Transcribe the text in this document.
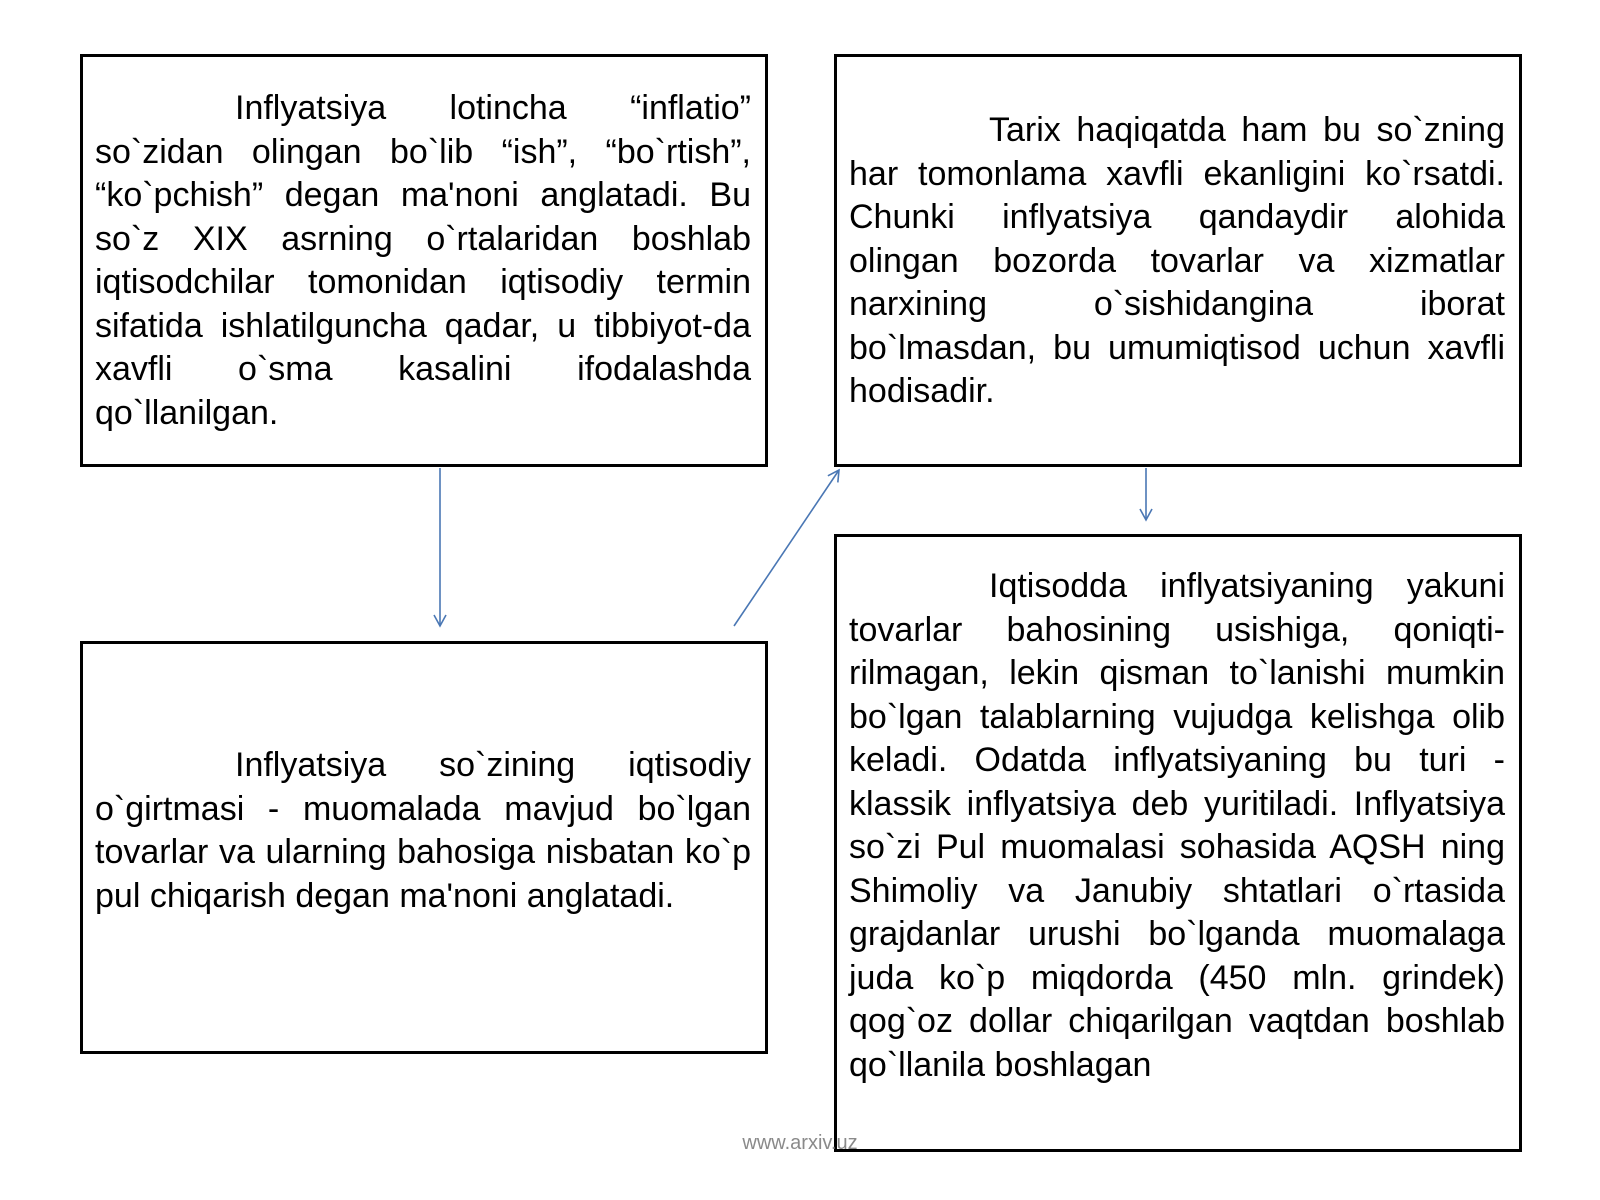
Inflyatsiya lotincha “inflatio” so`zidan olingan bo`lib “ish”, “bo`rtish”, “ko`pchish” degan ma'noni anglatadi. Bu so`z XIX asrning o`rtalaridan boshlab iqtisodchilar tomonidan iqtisodiy termin sifatida ishlatilguncha qadar, u tibbiyot-da xavfli o`sma kasalini ifodalashda qo`llanilgan.

Tarix haqiqatda ham bu so`zning har tomonlama xavfli ekanligini ko`rsatdi. Chunki inflyatsiya qandaydir alohida olingan bozorda tovarlar va xizmatlar narxining o`sishidangina iborat bo`lmasdan, bu umumiqtisod uchun xavfli hodisadir.

Inflyatsiya so`zining iqtisodiy o`girtmasi - muomalada mavjud bo`lgan tovarlar va ularning bahosiga nisbatan ko`p pul chiqarish degan ma'noni anglatadi.

Iqtisodda inflyatsiyaning yakuni tovarlar bahosining usishiga, qoniqti-rilmagan, lekin qisman to`lanishi mumkin bo`lgan talablarning vujudga kelishga olib keladi. Odatda inflyatsiyaning bu turi - klassik inflyatsiya deb yuritiladi. Inflyatsiya so`zi Pul muomalasi sohasida AQSH ning Shimoliy va Janubiy shtatlari o`rtasida grajdanlar urushi bo`lganda muomalaga juda ko`p miqdorda (450 mln. grindek) qog`oz dollar chiqarilgan vaqtdan boshlab qo`llanila boshlagan

www.arxiv.uz
